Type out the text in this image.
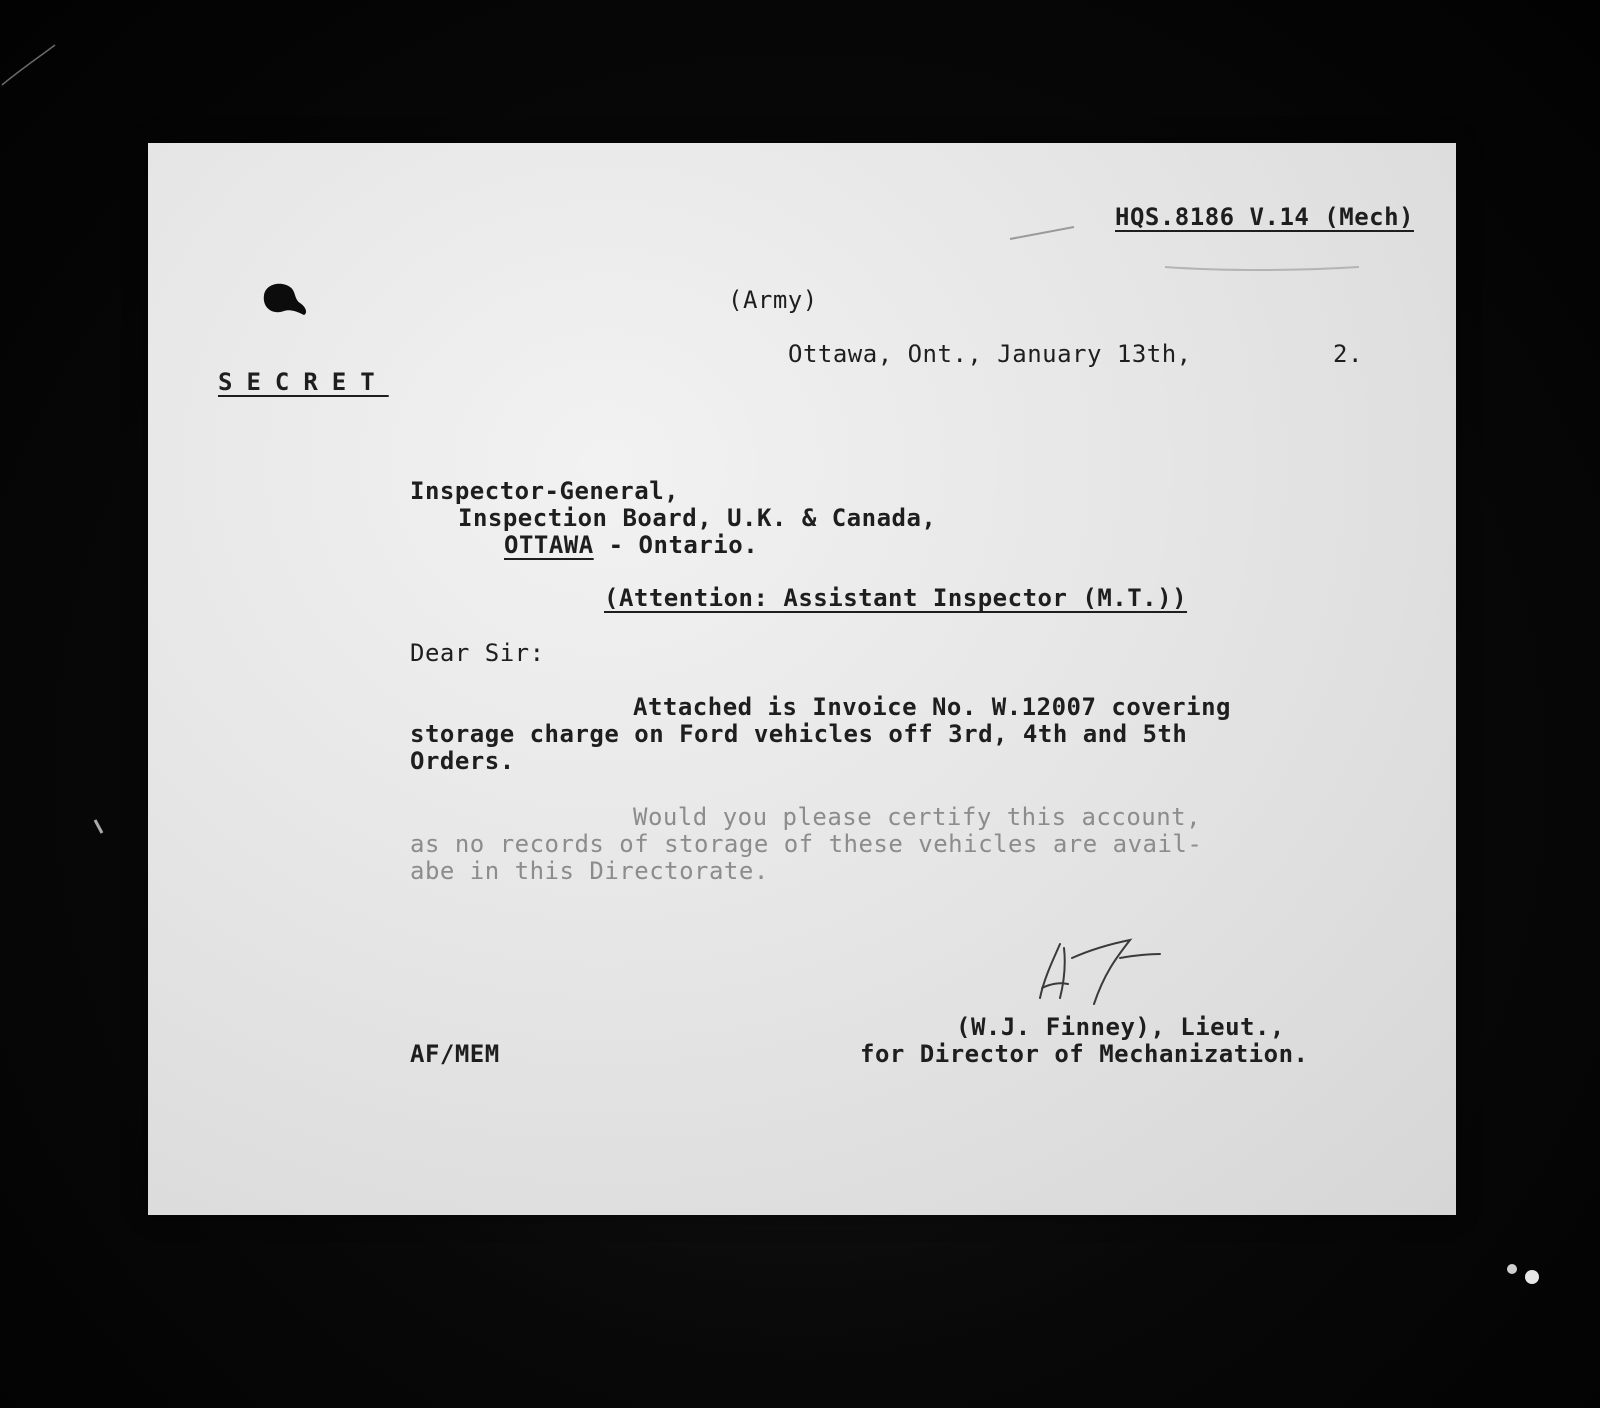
HQS.8186 V.14 (Mech)
(Army)
Ottawa, Ont., January 13th,	2.
SECRET
Inspector-General,
Inspection Board, U.K. & Canada,
OTTAWA - Ontario.
(Attention: Assistant Inspector (M.T.))
Dear Sir:
Attached is Invoice No. W.12007 covering
storage charge on Ford vehicles off 3rd, 4th and 5th
Orders.
Would you please certify this account,
as no records of storage of these vehicles are avail-
abe in this Directorate.
(W.J. Finney), Lieut.,
for Director of Mechanization.
AF/MEM
